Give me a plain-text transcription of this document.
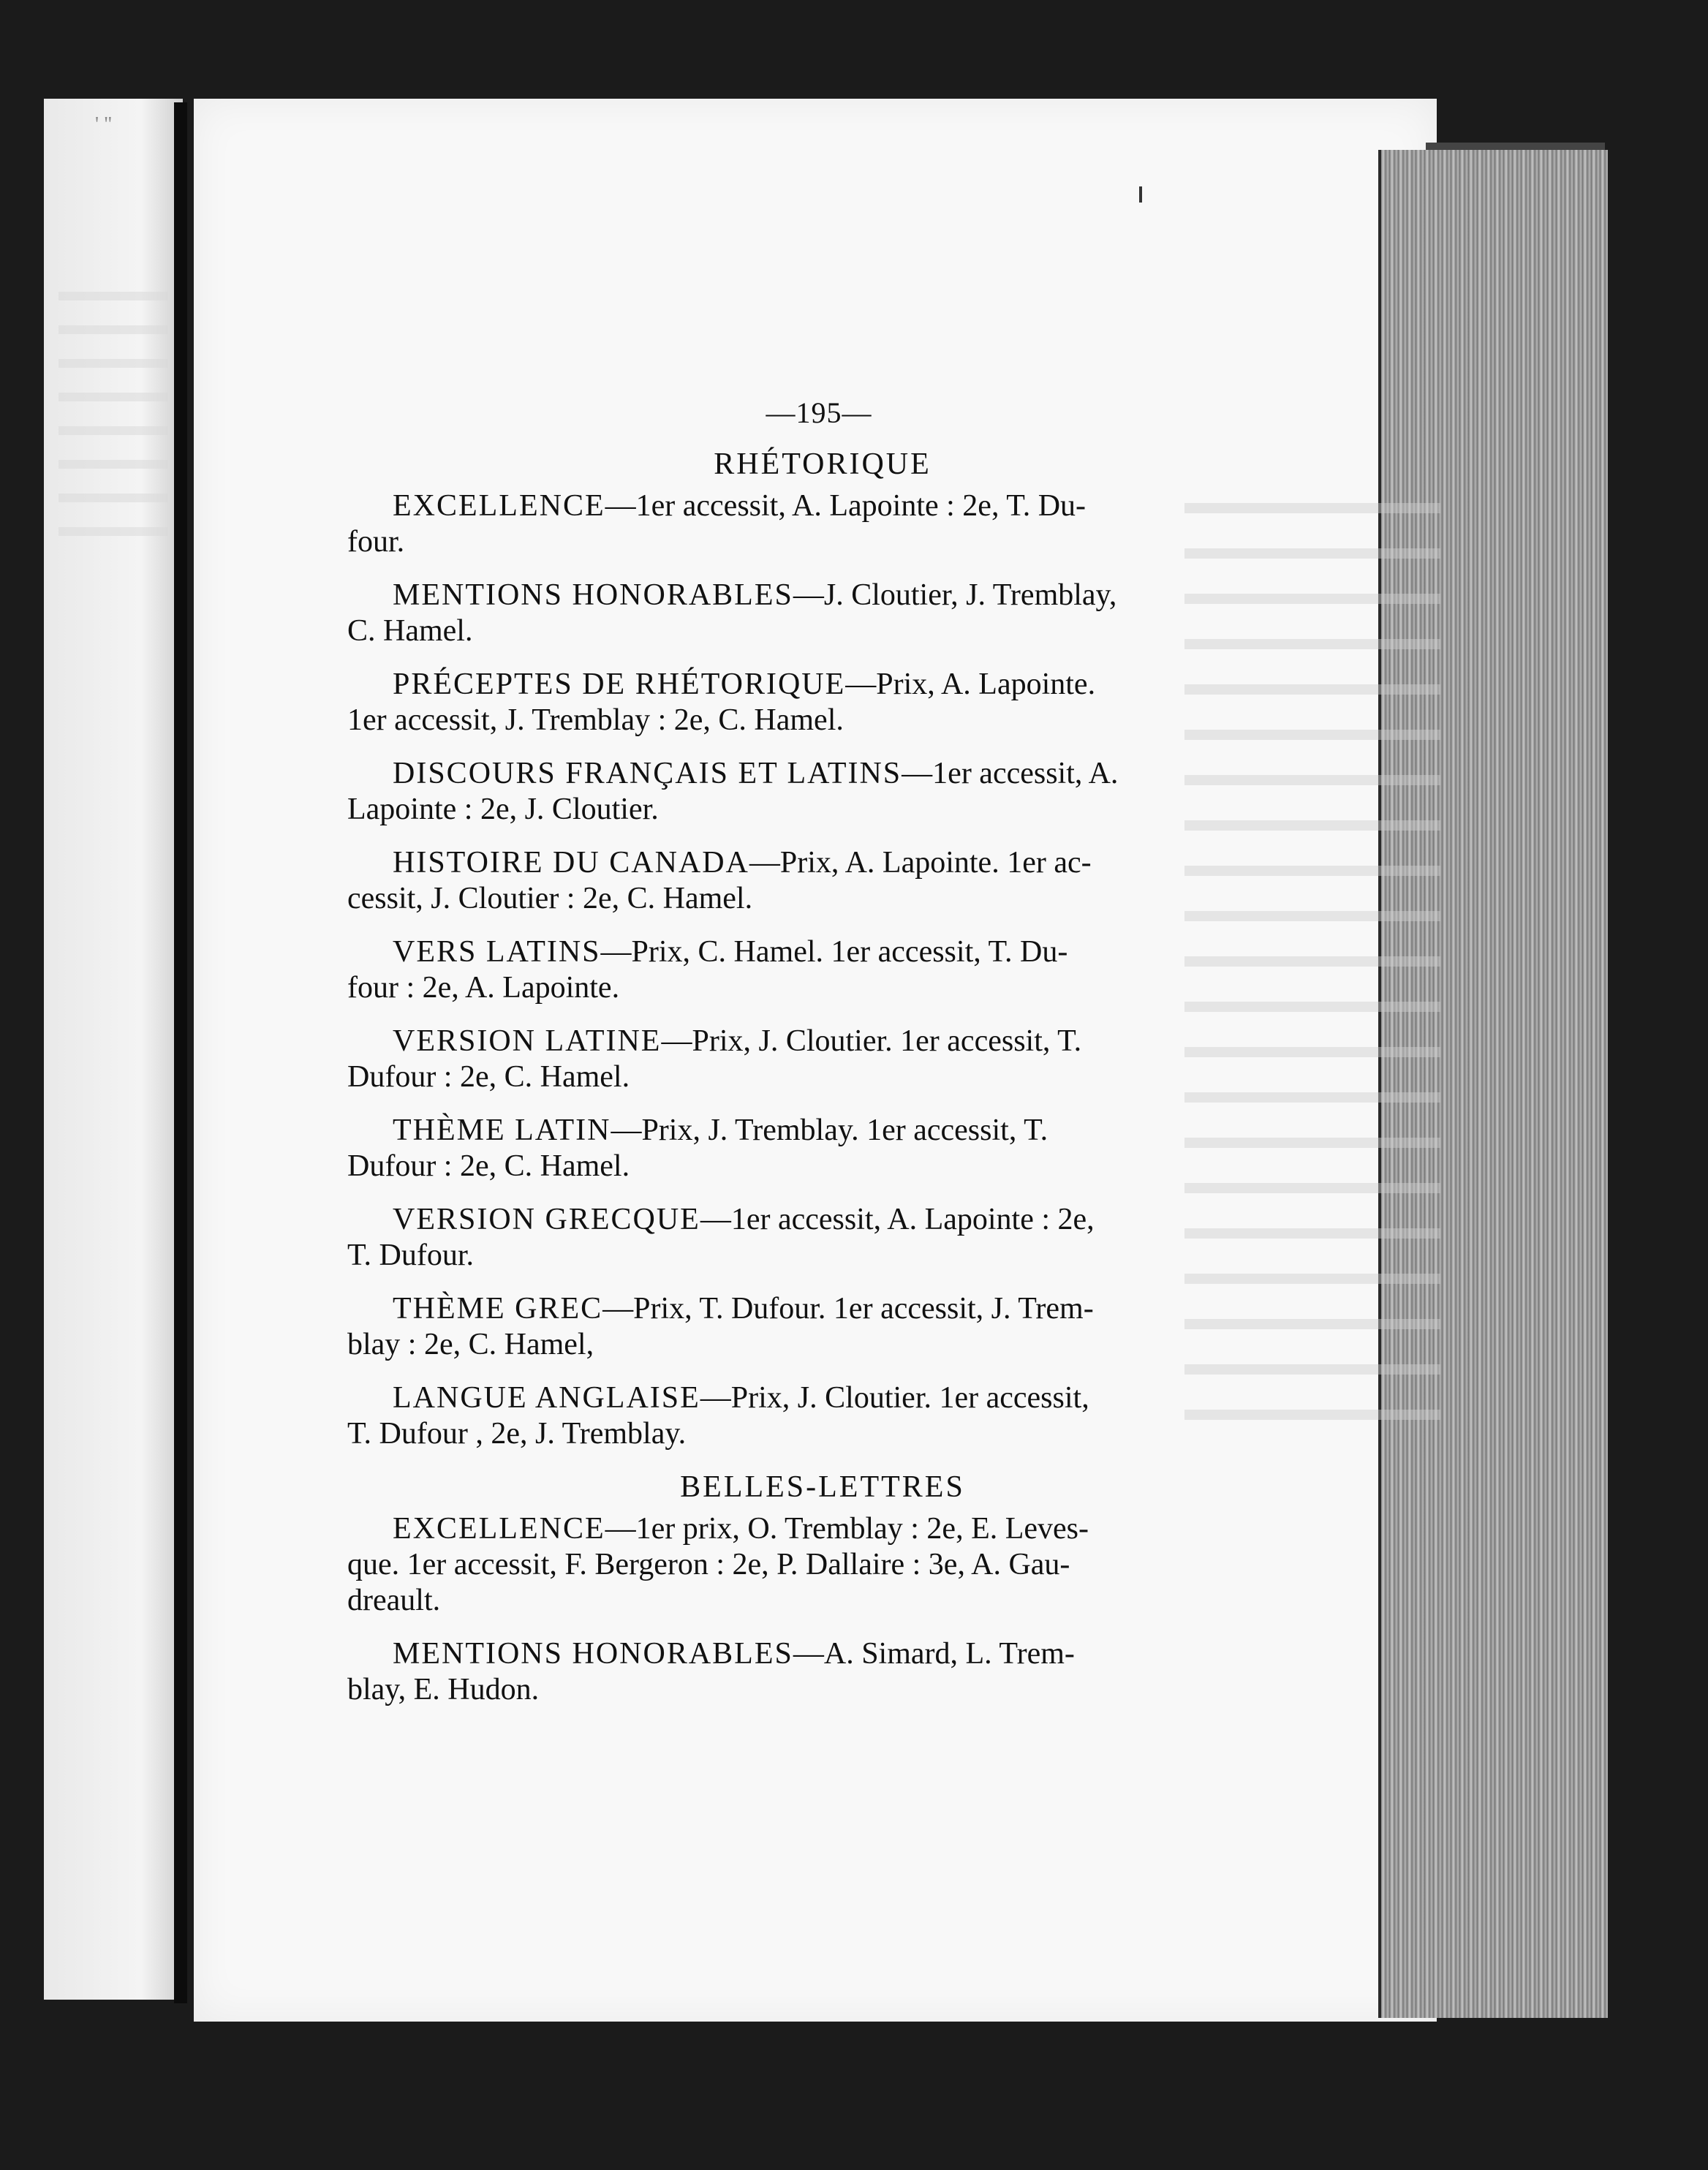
' "
—195—
RHÉTORIQUE
EXCELLENCE—1er accessit, A. Lapointe : 2e, T. Du-
four.
MENTIONS HONORABLES—J. Cloutier, J. Tremblay,
C. Hamel.
PRÉCEPTES DE RHÉTORIQUE—Prix, A. Lapointe.
1er accessit, J. Tremblay : 2e, C. Hamel.
DISCOURS FRANÇAIS ET LATINS—1er accessit, A.
Lapointe : 2e, J. Cloutier.
HISTOIRE DU CANADA—Prix, A. Lapointe. 1er ac-
cessit, J. Cloutier : 2e, C. Hamel.
VERS LATINS—Prix, C. Hamel. 1er accessit, T. Du-
four : 2e, A. Lapointe.
VERSION LATINE—Prix, J. Cloutier. 1er accessit, T.
Dufour : 2e, C. Hamel.
THÈME LATIN—Prix, J. Tremblay. 1er accessit, T.
Dufour : 2e, C. Hamel.
VERSION GRECQUE—1er accessit, A. Lapointe : 2e,
T. Dufour.
THÈME GREC—Prix, T. Dufour. 1er accessit, J. Trem-
blay : 2e, C. Hamel,
LANGUE ANGLAISE—Prix, J. Cloutier. 1er accessit,
T. Dufour , 2e, J. Tremblay.
BELLES-LETTRES
EXCELLENCE—1er prix, O. Tremblay : 2e, E. Leves-
que. 1er accessit, F. Bergeron : 2e, P. Dallaire : 3e, A. Gau-
dreault.
MENTIONS HONORABLES—A. Simard, L. Trem-
blay, E. Hudon.
